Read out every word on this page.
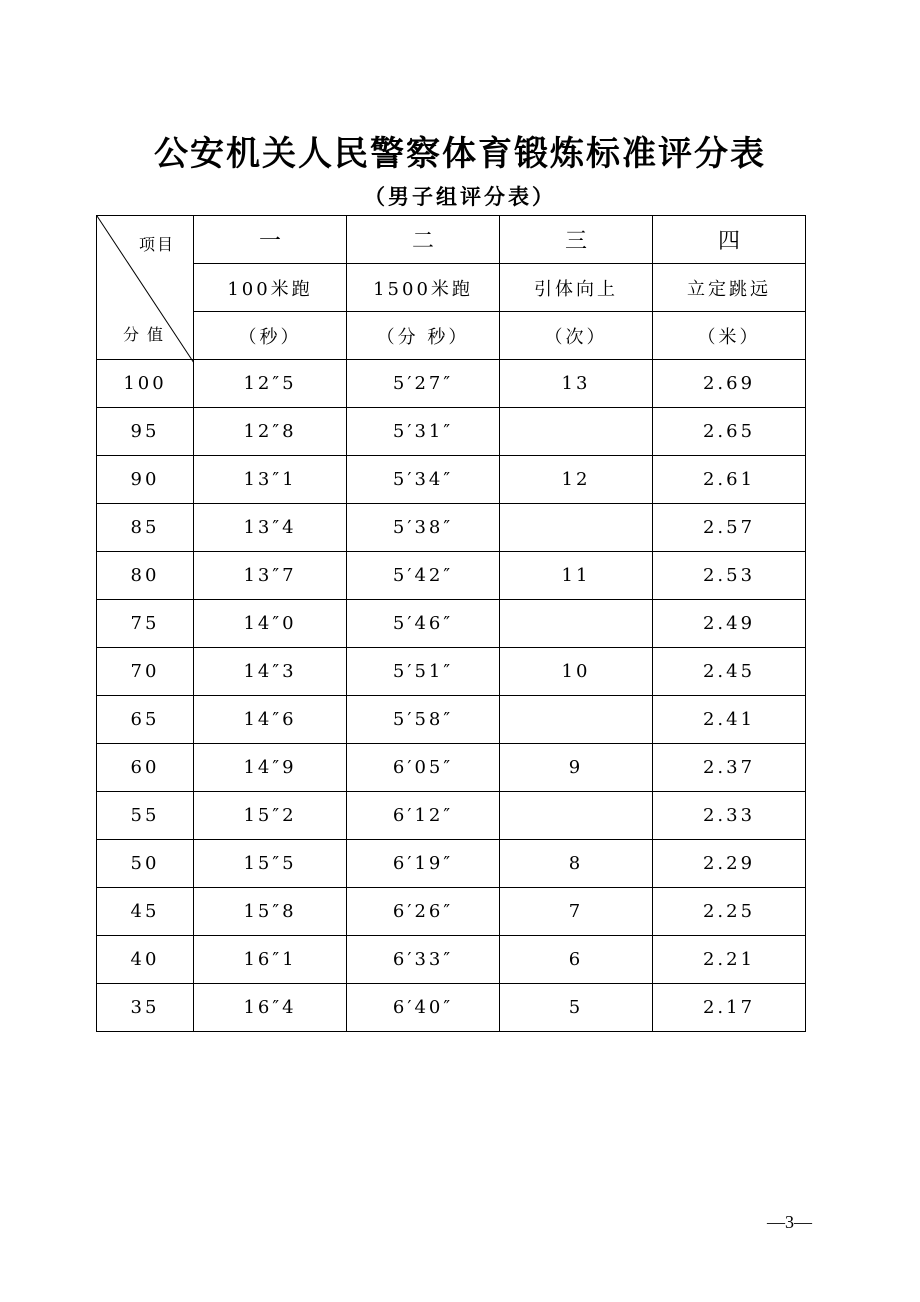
公安机关人民警察体育锻炼标准评分表
（男子组评分表）
项目
分值	一	二	三	四
	100米跑	1500米跑	引体向上	立定跳远
	（秒）	（分 秒）	（次）	（米）
100	12″5	5′27″	13	2.69
95	12″8	5′31″		2.65
90	13″1	5′34″	12	2.61
85	13″4	5′38″		2.57
80	13″7	5′42″	11	2.53
75	14″0	5′46″		2.49
70	14″3	5′51″	10	2.45
65	14″6	5′58″		2.41
60	14″9	6′05″	9	2.37
55	15″2	6′12″		2.33
50	15″5	6′19″	8	2.29
45	15″8	6′26″	7	2.25
40	16″1	6′33″	6	2.21
35	16″4	6′40″	5	2.17
—3—
